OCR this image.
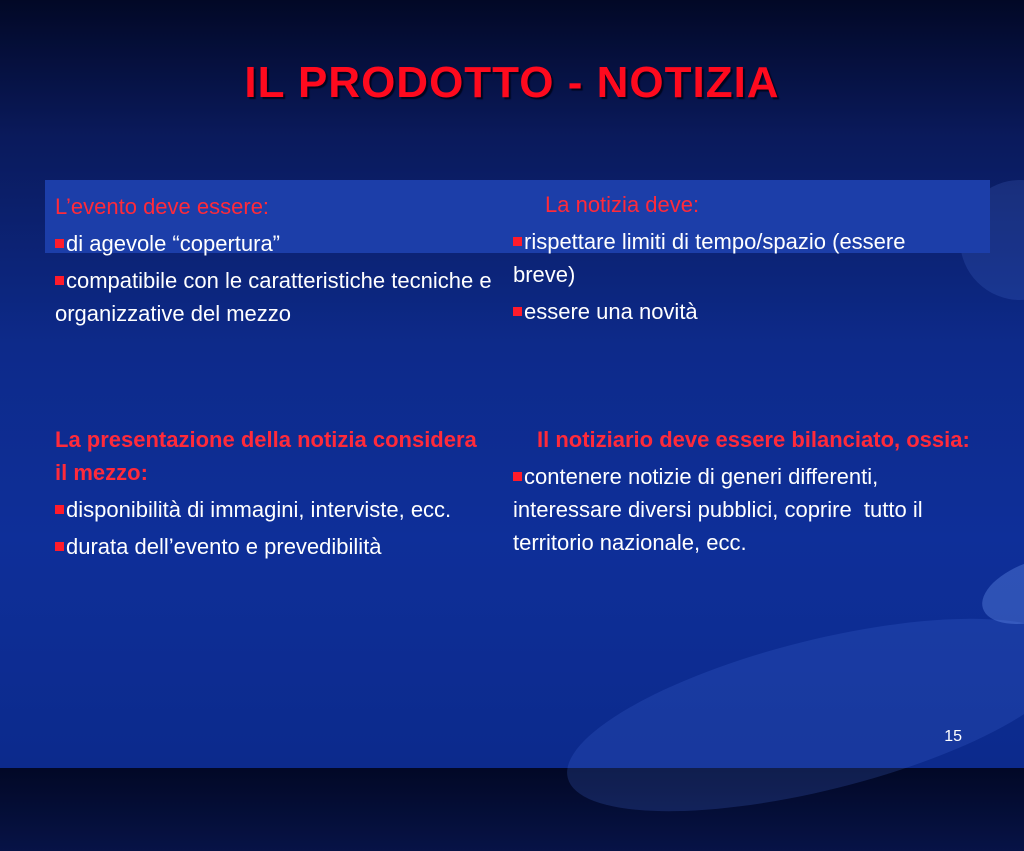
IL PRODOTTO - NOTIZIA

L’evento deve essere:

di agevole “copertura”

compatibile con le caratteristiche tecniche e organizzative del mezzo

La notizia deve:

rispettare limiti di tempo/spazio (essere breve)

essere una novità

La presentazione della notizia considera il mezzo:

disponibilità di immagini, interviste, ecc.

durata dell’evento e prevedibilità

Il notiziario deve essere bilanciato, ossia:

contenere notizie di generi differenti,    interessare diversi pubblici, coprire  tutto il territorio nazionale, ecc.

15
